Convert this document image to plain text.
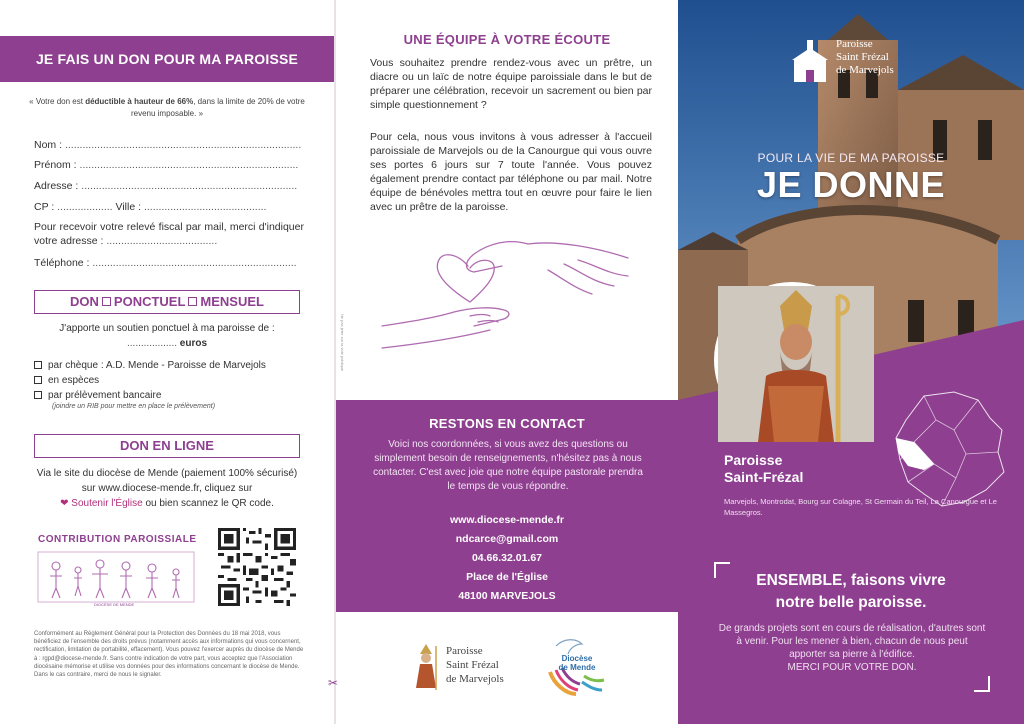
JE FAIS UN DON POUR MA PAROISSE
« Votre don est déductible à hauteur de 66%, dans la limite de 20% de votre revenu imposable. »
Nom : .................................................................................
Prénom : ...........................................................................
Adresse : ..........................................................................
CP : ................... Ville : ..........................................
Pour recevoir votre relevé fiscal par mail, merci d'indiquer votre adresse : ......................................
Téléphone : ......................................................................
DON PONCTUEL MENSUEL
J'apporte un soutien ponctuel à ma paroisse de :
.................. euros
par chèque : A.D. Mende - Paroisse de Marvejols
en espèces
par prélèvement bancaire
(joindre un RIB pour mettre en place le prélèvement)
DON EN LIGNE
Via le site du diocèse de Mende (paiement 100% sécurisé) sur www.diocese-mende.fr, cliquez sur
❤ Soutenir l'Église ou bien scannez le QR code.
CONTRIBUTION PAROISSIALE
DIOCÈSE DE MENDE
Conformément au Règlement Général pour la Protection des Données du 18 mai 2018, vous bénéficiez de l'ensemble des droits prévus (notamment accès aux informations qui vous concernent, rectification, limitation de portabilité, effacement). Vous pouvez l'exercer auprès du diocèse de Mende à : rgpd@diocese-mende.fr. Sans contre indication de votre part, vous acceptez que l'Association diocésaine mémorise et utilise vos données pour des informations concernant le diocèse de Mende. Dans le cas contraire, merci de nous le signaler.
UNE ÉQUIPE À VOTRE ÉCOUTE
Vous souhaitez prendre rendez-vous avec un prêtre, un diacre ou un laïc de notre équipe paroissiale dans le but de préparer une célébration, recevoir un sacrement ou bien par simple questionnement ?
Pour cela, nous vous invitons à vous adresser à l'accueil paroissiale de Marvejols ou de la Canourgue qui vous ouvre ses portes 6 jours sur 7 toute l'année. Vous pouvez également prendre contact par téléphone ou par mail. Notre équipe de bénévoles mettra tout en œuvre pour faire le lien avec un prêtre de la paroisse.
RESTONS EN CONTACT
Voici nos coordonnées, si vous avez des questions ou simplement besoin de renseignements, n'hésitez pas à nous contacter. C'est avec joie que notre équipe pastorale prendra le temps de vous répondre.
www.diocese-mende.fr
ndcarce@gmail.com
04.66.32.01.67
Place de l'Église
48100 MARVEJOLS
Paroisse
Saint Frézal
de Marvejols
Diocèse
de Mende
Ne pas jeter sur la voie publique
✂
Paroisse
Saint Frézal
de Marvejols
POUR LA VIE DE MA PAROISSE
JE DONNE
Paroisse
Saint-Frézal
Marvejols, Montrodat, Bourg sur Colagne, St Germain du Teil, La Canourgue et Le Massegros.
ENSEMBLE, faisons vivre
notre belle paroisse.
De grands projets sont en cours de réalisation, d'autres sont à venir. Pour les mener à bien, chacun de nous peut apporter sa pierre à l'édifice.
MERCI POUR VOTRE DON.
